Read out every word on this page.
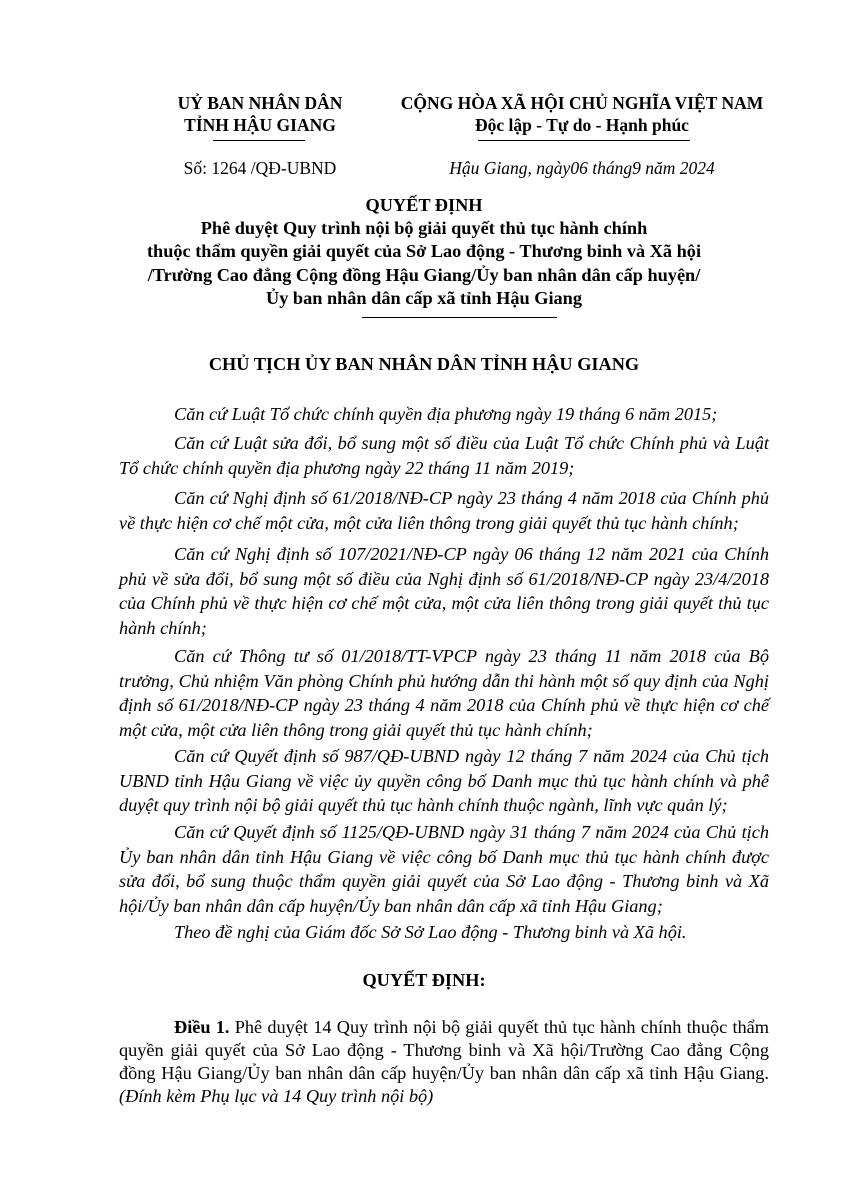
UỶ BAN NHÂN DÂN
TỈNH HẬU GIANG
CỘNG HÒA XÃ HỘI CHỦ NGHĨA VIỆT NAM
Độc lập - Tự do - Hạnh phúc
Số: 1264 /QĐ-UBND	Hậu Giang, ngày06 tháng9 năm 2024
QUYẾT ĐỊNH
Phê duyệt Quy trình nội bộ giải quyết thủ tục hành chính
thuộc thẩm quyền giải quyết của Sở Lao động - Thương binh và Xã hội
/Trường Cao đẳng Cộng đồng Hậu Giang/Ủy ban nhân dân cấp huyện/
Ủy ban nhân dân cấp xã tỉnh Hậu Giang
CHỦ TỊCH ỦY BAN NHÂN DÂN TỈNH HẬU GIANG
Căn cứ Luật Tổ chức chính quyền địa phương ngày 19 tháng 6 năm 2015;
Căn cứ Luật sửa đổi, bổ sung một số điều của Luật Tổ chức Chính phủ và Luật Tổ chức chính quyền địa phương ngày 22 tháng 11 năm 2019;
Căn cứ Nghị định số 61/2018/NĐ-CP ngày 23 tháng 4 năm 2018 của Chính phủ về thực hiện cơ chế một cửa, một cửa liên thông trong giải quyết thủ tục hành chính;
Căn cứ Nghị định số 107/2021/NĐ-CP ngày 06 tháng 12 năm 2021 của Chính phủ về sửa đổi, bổ sung một số điều của Nghị định số 61/2018/NĐ-CP ngày 23/4/2018 của Chính phủ về thực hiện cơ chế một cửa, một cửa liên thông trong giải quyết thủ tục hành chính;
Căn cứ Thông tư số 01/2018/TT-VPCP ngày 23 tháng 11 năm 2018 của Bộ trưởng, Chủ nhiệm Văn phòng Chính phủ hướng dẫn thi hành một số quy định của Nghị định số 61/2018/NĐ-CP ngày 23 tháng 4 năm 2018 của Chính phủ về thực hiện cơ chế một cửa, một cửa liên thông trong giải quyết thủ tục hành chính;
Căn cứ Quyết định số 987/QĐ-UBND ngày 12 tháng 7 năm 2024 của Chủ tịch UBND tỉnh Hậu Giang về việc ủy quyền công bố Danh mục thủ tục hành chính và phê duyệt quy trình nội bộ giải quyết thủ tục hành chính thuộc ngành, lĩnh vực quản lý;
Căn cứ Quyết định số 1125/QĐ-UBND ngày 31 tháng 7 năm 2024 của Chủ tịch Ủy ban nhân dân tỉnh Hậu Giang về việc công bố Danh mục thủ tục hành chính được sửa đổi, bổ sung thuộc thẩm quyền giải quyết của Sở Lao động - Thương binh và Xã hội/Ủy ban nhân dân cấp huyện/Ủy ban nhân dân cấp xã tỉnh Hậu Giang;
Theo đề nghị của Giám đốc Sở Sở Lao động - Thương binh và Xã hội.
QUYẾT ĐỊNH:
Điều 1. Phê duyệt 14 Quy trình nội bộ giải quyết thủ tục hành chính thuộc thẩm quyền giải quyết của Sở Lao động - Thương binh và Xã hội/Trường Cao đẳng Cộng đồng Hậu Giang/Ủy ban nhân dân cấp huyện/Ủy ban nhân dân cấp xã tỉnh Hậu Giang. (Đính kèm Phụ lục và 14 Quy trình nội bộ)
